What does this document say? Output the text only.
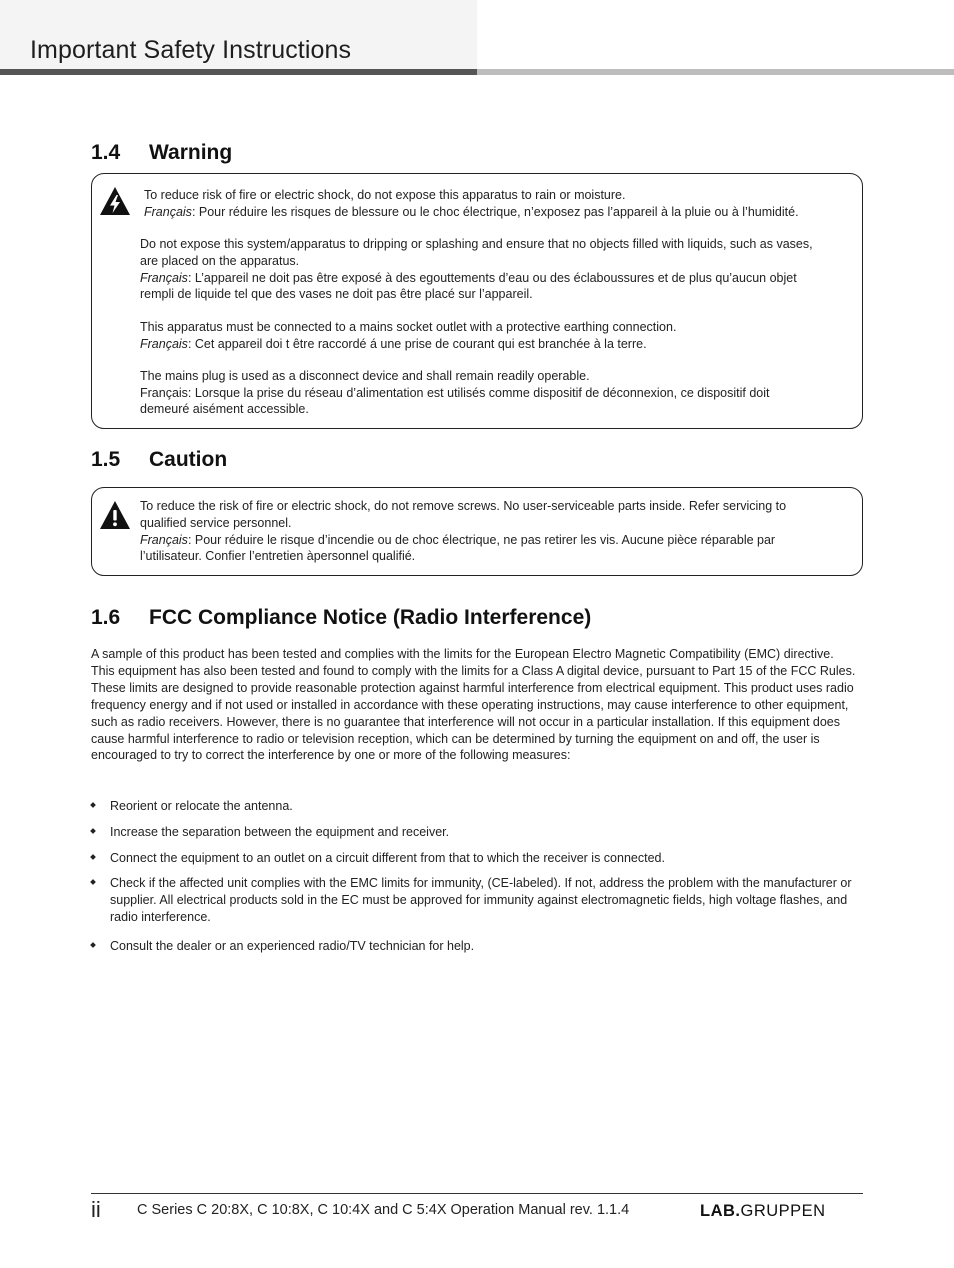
Important Safety Instructions
1.4 Warning

To reduce risk of fire or electric shock, do not expose this apparatus to rain or moisture.
Français: Pour réduire les risques de blessure ou le choc électrique, n’exposez pas l’appareil à la pluie ou à l’humidité.

Do not expose this system/apparatus to dripping or splashing and ensure that no objects filled with liquids, such as vases,
are placed on the apparatus.
Français: L’appareil ne doit pas être exposé à des egouttements d’eau ou des éclaboussures et de plus qu’aucun objet
rempli de liquide tel que des vases ne doit pas être placé sur l’appareil.

This apparatus must be connected to a mains socket outlet with a protective earthing connection.
Français: Cet appareil doi t être raccordé á une prise de courant qui est branchée à la terre.

The mains plug is used as a disconnect device and shall remain readily operable.
Français: Lorsque la prise du réseau d’alimentation est utilisés comme dispositif de déconnexion, ce dispositif doit
demeuré aisément accessible.

1.5 Caution

To reduce the risk of fire or electric shock, do not remove screws. No user-serviceable parts inside. Refer servicing to
qualified service personnel.
Français: Pour réduire le risque d’incendie ou de choc électrique, ne pas retirer les vis. Aucune pièce réparable par
l’utilisateur. Confier l’entretien àpersonnel qualifié.

1.6 FCC Compliance Notice (Radio Interference)

A sample of this product has been tested and complies with the limits for the European Electro Magnetic Compatibility (EMC) directive. This equipment has also been tested and found to comply with the limits for a Class A digital device, pursuant to Part 15 of the FCC Rules. These limits are designed to provide reasonable protection against harmful interference from electrical equipment. This product uses radio frequency energy and if not used or installed in accordance with these operating instructions, may cause interference to other equipment, such as radio receivers. However, there is no guarantee that interference will not occur in a particular installation. If this equipment does cause harmful interference to radio or television reception, which can be determined by turning the equipment on and off, the user is encouraged to try to correct the interference by one or more of the following measures:

Reorient or relocate the antenna.
Increase the separation between the equipment and receiver.
Connect the equipment to an outlet on a circuit different from that to which the receiver is connected.
Check if the affected unit complies with the EMC limits for immunity, (CE-labeled). If not, address the problem with the manufacturer or supplier. All electrical products sold in the EC must be approved for immunity against electromagnetic fields, high voltage flashes, and radio interference.
Consult the dealer or an experienced radio/TV technician for help.
ii C Series C 20:8X, C 10:8X, C 10:4X and C 5:4X Operation Manual rev. 1.1.4	LAB.GRUPPEN
